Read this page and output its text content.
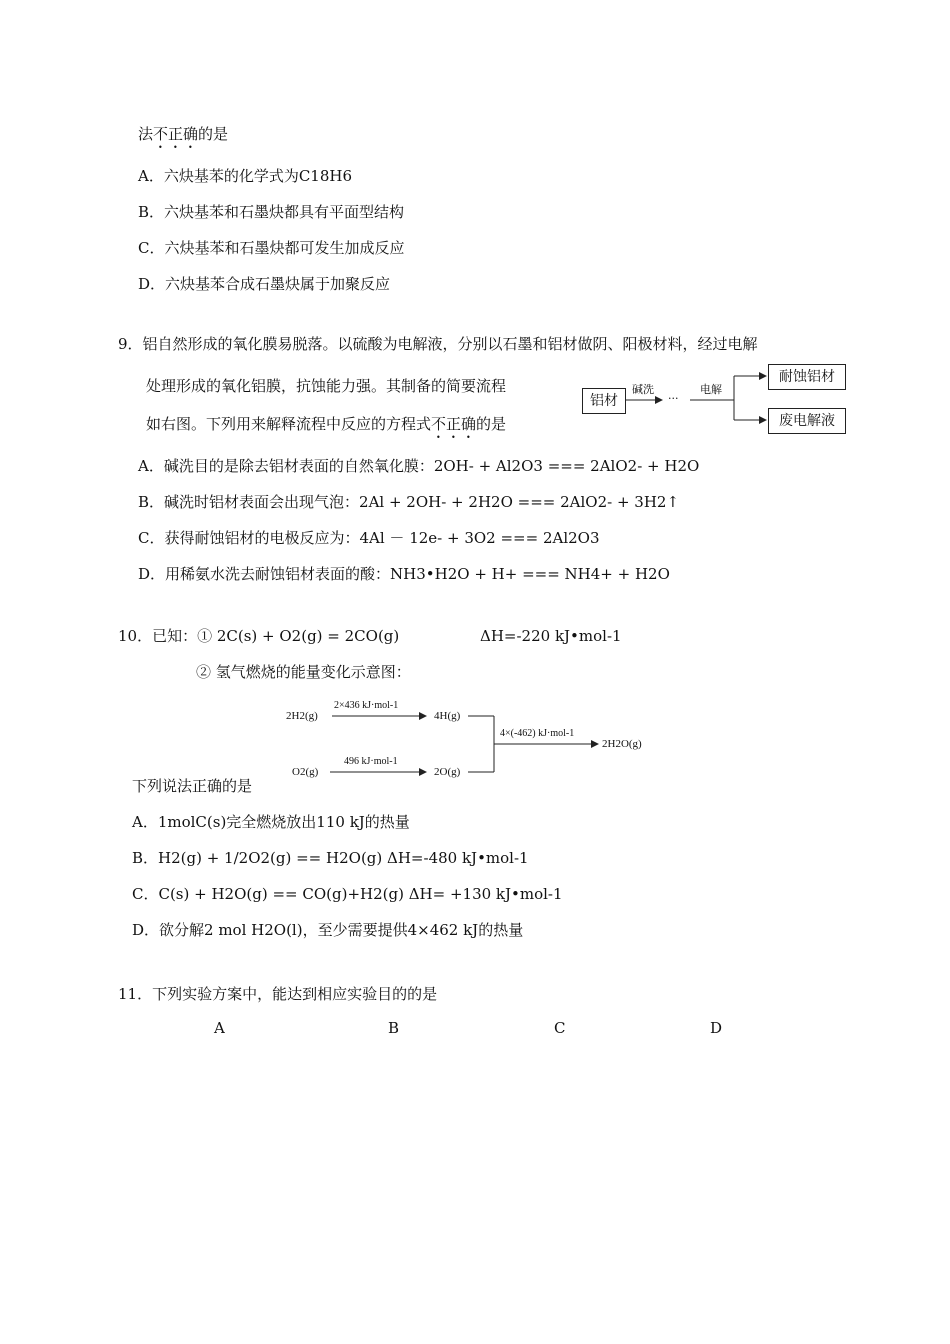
法不正确的是
A．六炔基苯的化学式为C18H6
B．六炔基苯和石墨炔都具有平面型结构
C．六炔基苯和石墨炔都可发生加成反应
D．六炔基苯合成石墨炔属于加聚反应
9．铝自然形成的氧化膜易脱落。以硫酸为电解液，分别以石墨和铝材做阴、阳极材料，经过电解
处理形成的氧化铝膜，抗蚀能力强。其制备的简要流程
如右图。下列用来解释流程中反应的方程式不正确的是
铝材
碱洗
···
电解
耐蚀铝材
废电解液
A．碱洗目的是除去铝材表面的自然氧化膜：2OH- + Al2O3 === 2AlO2- + H2O
B．碱洗时铝材表面会出现气泡：2Al + 2OH- + 2H2O === 2AlO2- + 3H2↑
C．获得耐蚀铝材的电极反应为：4Al － 12e- + 3O2 === 2Al2O3
D．用稀氨水洗去耐蚀铝材表面的酸：NH3•H2O + H+ === NH4+ + H2O
10．已知：① 2C(s) + O2(g) = 2CO(g)	ΔH=-220 kJ•mol-1
② 氢气燃烧的能量变化示意图：
2H2(g)
2×436 kJ·mol-1
4H(g)
O2(g)
496 kJ·mol-1
2O(g)
4×(-462) kJ·mol-1
2H2O(g)
下列说法正确的是
A．1molC(s)完全燃烧放出110 kJ的热量
B．H2(g) + 1/2O2(g) == H2O(g) ΔH=-480 kJ•mol-1
C．C(s) + H2O(g) == CO(g)+H2(g) ΔH= +130 kJ•mol-1
D．欲分解2 mol H2O(l)，至少需要提供4×462 kJ的热量
11．下列实验方案中，能达到相应实验目的的是
A	B	C	D
